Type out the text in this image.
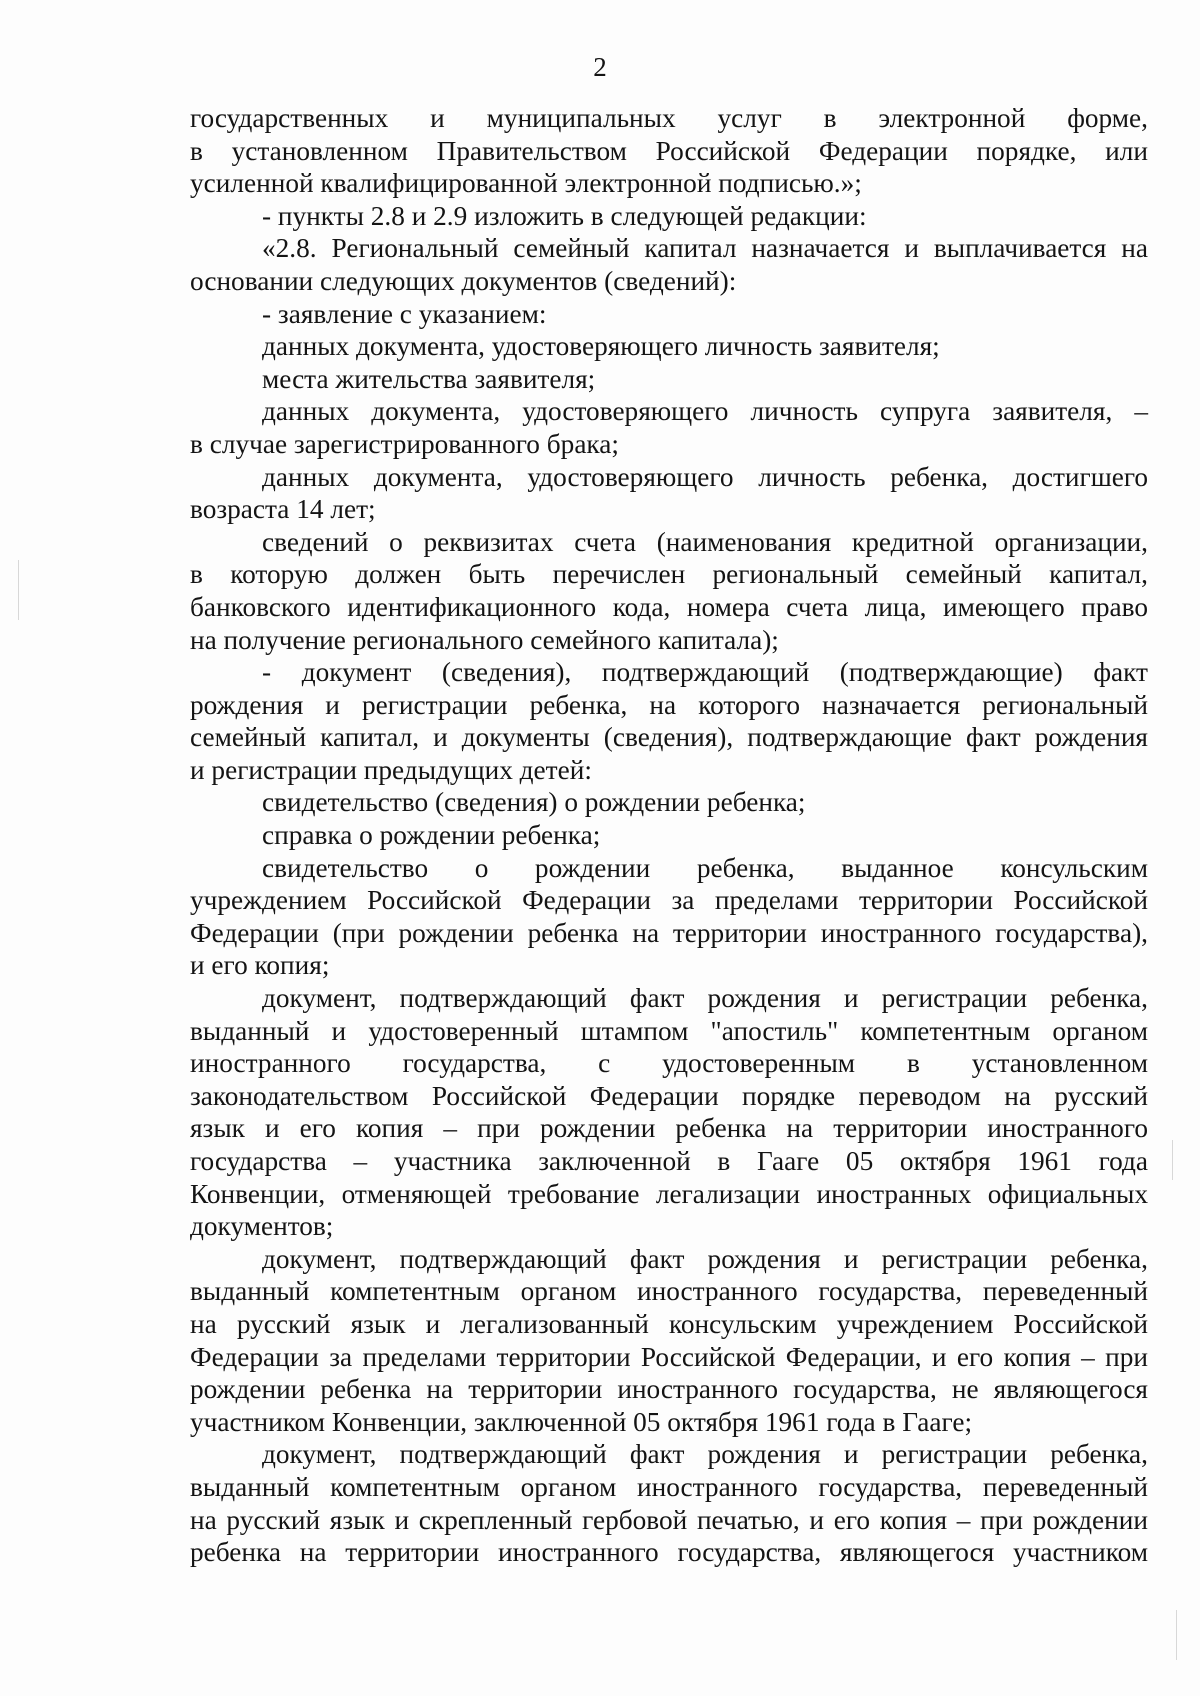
2
государственных и муниципальных услуг в электронной форме,
в установленном Правительством Российской Федерации порядке, или
усиленной квалифицированной электронной подписью.»;
- пункты 2.8 и 2.9 изложить в следующей редакции:
«2.8. Региональный семейный капитал назначается и выплачивается на
основании следующих документов (сведений):
- заявление с указанием:
данных документа, удостоверяющего личность заявителя;
места жительства заявителя;
данных документа, удостоверяющего личность супруга заявителя, –
в случае зарегистрированного брака;
данных документа, удостоверяющего личность ребенка, достигшего
возраста 14 лет;
сведений о реквизитах счета (наименования кредитной организации,
в которую должен быть перечислен региональный семейный капитал,
банковского идентификационного кода, номера счета лица, имеющего право
на получение регионального семейного капитала);
- документ (сведения), подтверждающий (подтверждающие) факт
рождения и регистрации ребенка, на которого назначается региональный
семейный капитал, и документы (сведения), подтверждающие факт рождения
и регистрации предыдущих детей:
свидетельство (сведения) о рождении ребенка;
справка о рождении ребенка;
свидетельство о рождении ребенка, выданное консульским
учреждением Российской Федерации за пределами территории Российской
Федерации (при рождении ребенка на территории иностранного государства),
и его копия;
документ, подтверждающий факт рождения и регистрации ребенка,
выданный и удостоверенный штампом "апостиль" компетентным органом
иностранного государства, с удостоверенным в установленном
законодательством Российской Федерации порядке переводом на русский
язык и его копия – при рождении ребенка на территории иностранного
государства – участника заключенной в Гааге 05 октября 1961 года
Конвенции, отменяющей требование легализации иностранных официальных
документов;
документ, подтверждающий факт рождения и регистрации ребенка,
выданный компетентным органом иностранного государства, переведенный
на русский язык и легализованный консульским учреждением Российской
Федерации за пределами территории Российской Федерации, и его копия – при
рождении ребенка на территории иностранного государства, не являющегося
участником Конвенции, заключенной 05 октября 1961 года в Гааге;
документ, подтверждающий факт рождения и регистрации ребенка,
выданный компетентным органом иностранного государства, переведенный
на русский язык и скрепленный гербовой печатью, и его копия – при рождении
ребенка на территории иностранного государства, являющегося участником
